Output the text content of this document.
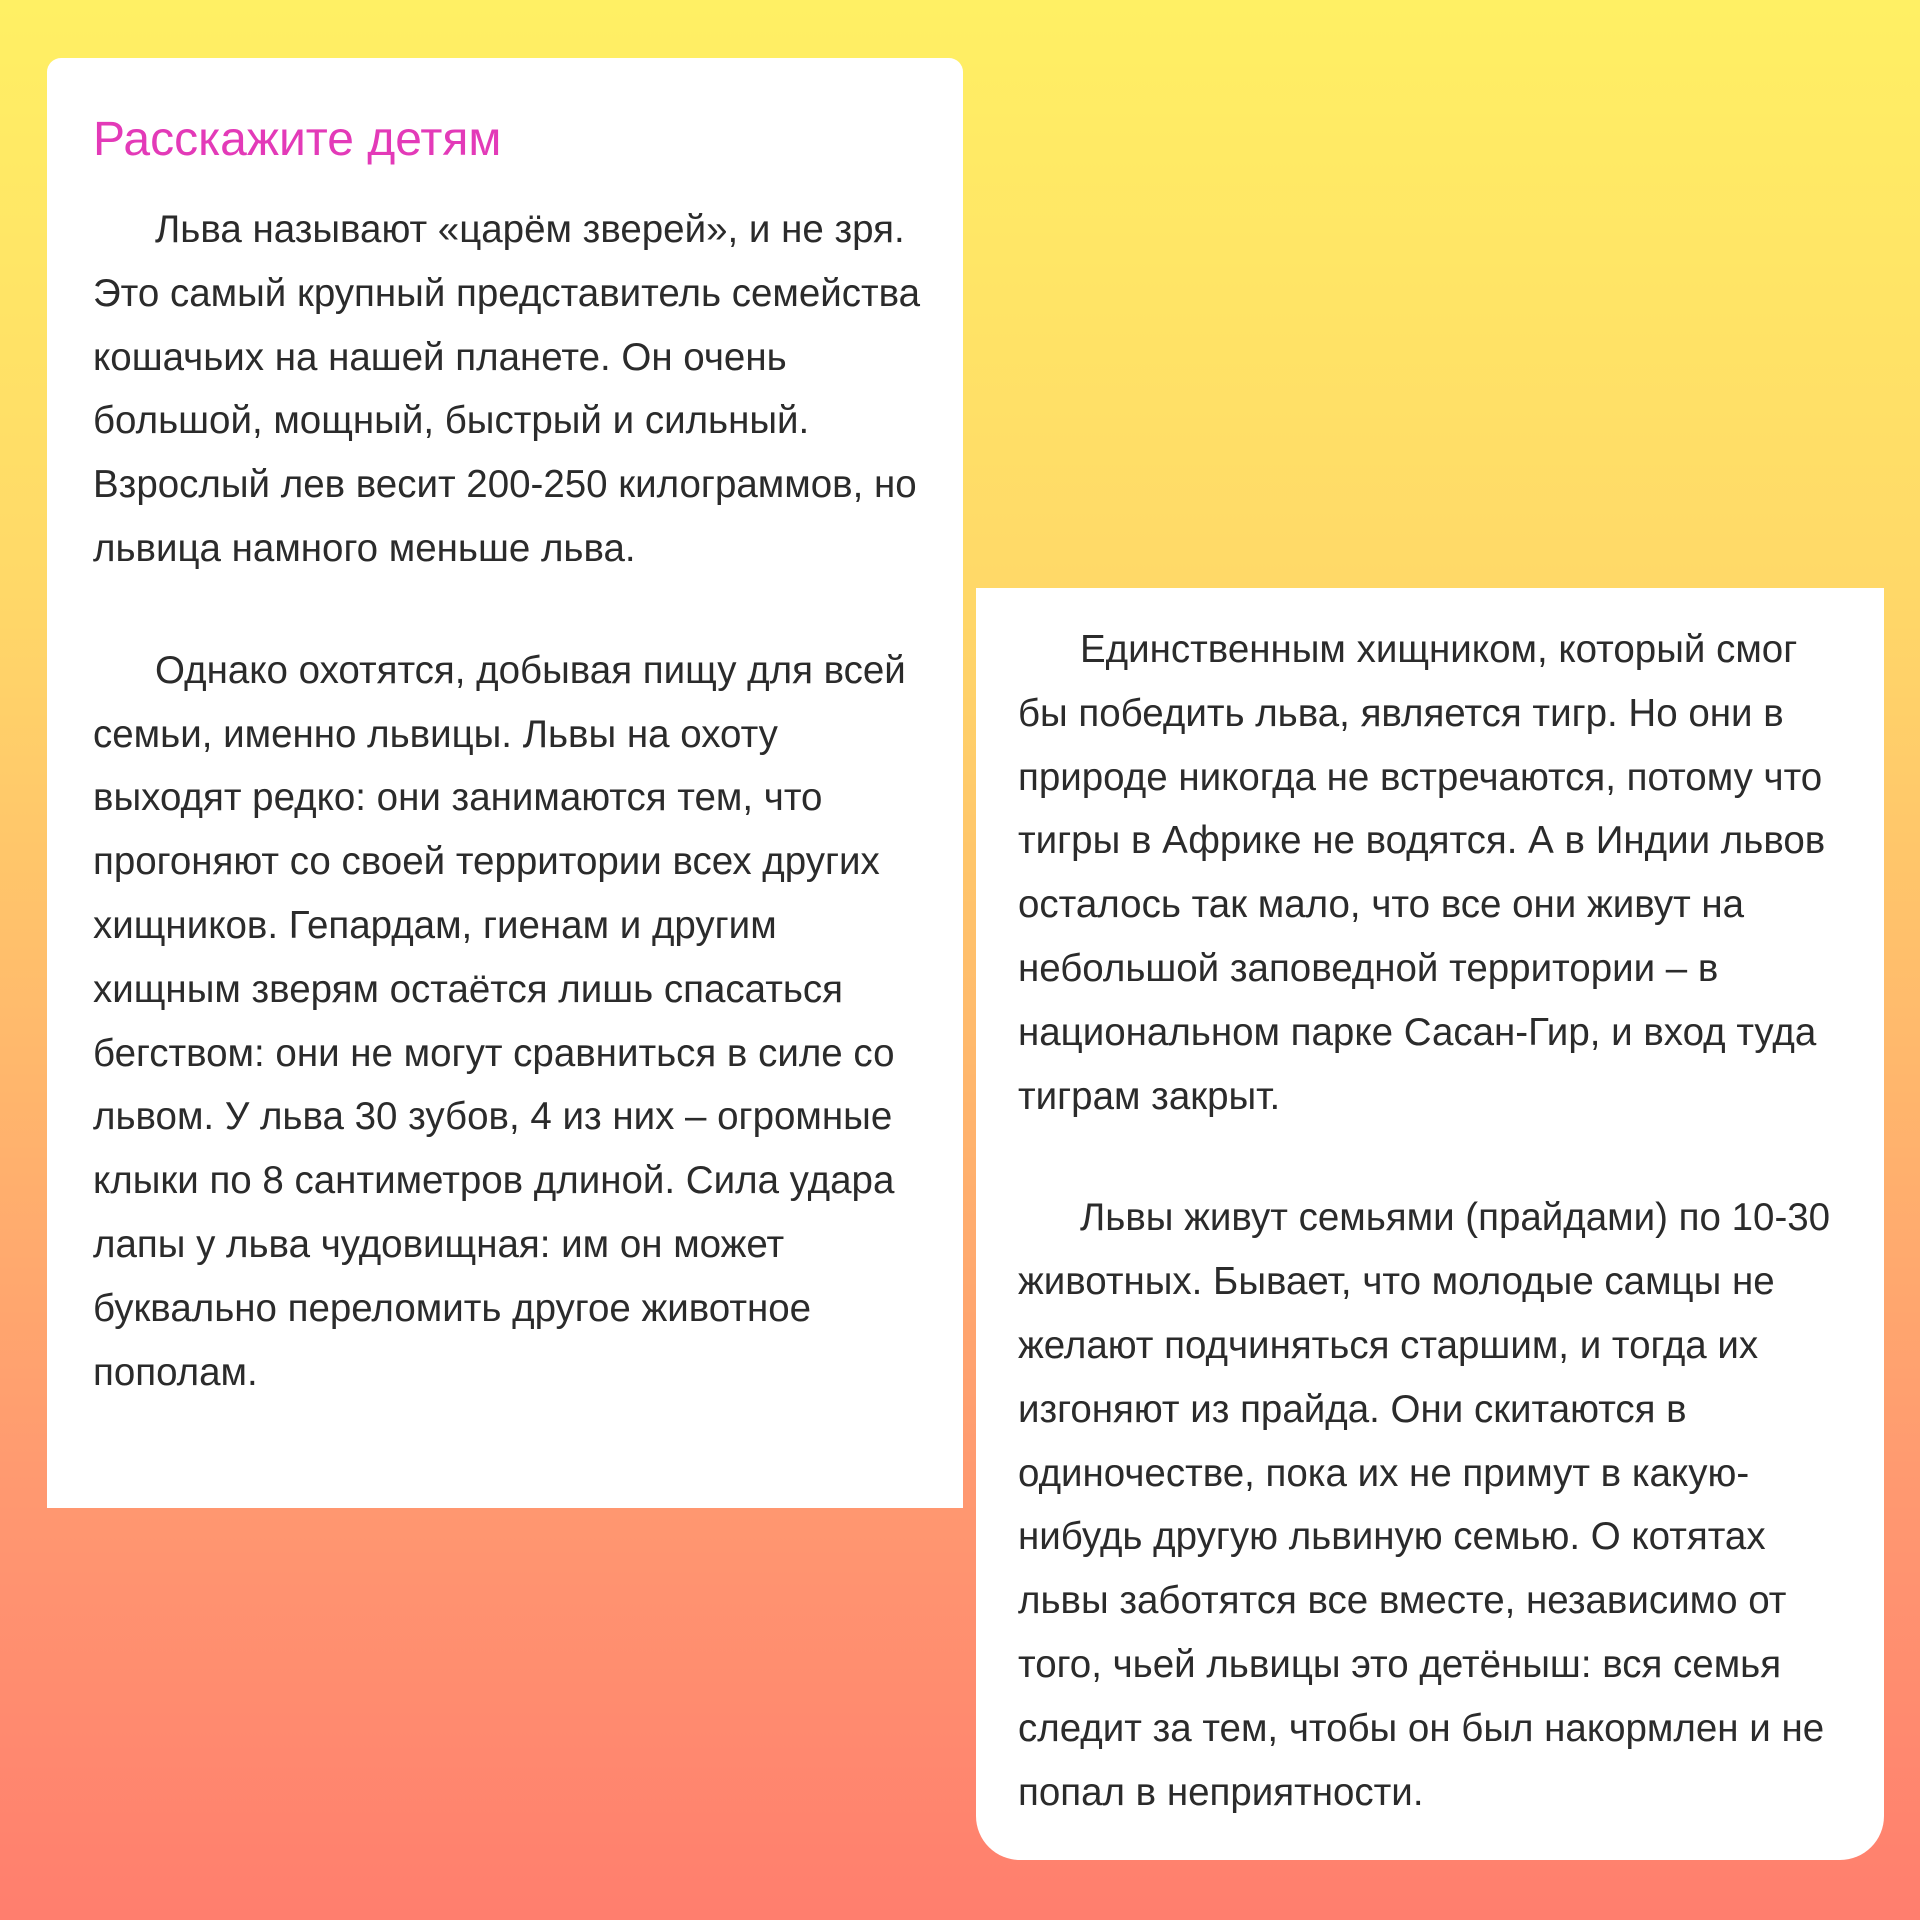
Расскажите детям

Льва называют «царём зверей», и не зря. Это самый крупный представитель семейства кошачьих на нашей планете. Он очень большой, мощный, быстрый и сильный. Взрослый лев весит 200-250 килограммов, но львица намного меньше льва.

Однако охотятся, добывая пищу для всей семьи, именно львицы. Львы на охоту выходят редко: они занимаются тем, что прогоняют со своей территории всех других хищников. Гепардам, гиенам и другим хищным зверям остаётся лишь спасаться бегством: они не могут сравниться в силе со львом. У льва 30 зубов, 4 из них – огромные клыки по 8 сантиметров длиной. Сила удара лапы у льва чудовищная: им он может буквально переломить другое животное пополам.

Единственным хищником, который смог бы победить льва, является тигр. Но они в природе никогда не встречаются, потому что тигры в Африке не водятся. А в Индии львов осталось так мало, что все они живут на небольшой заповедной территории – в национальном парке Сасан-Гир, и вход туда тиграм закрыт.

Львы живут семьями (прайдами) по 10-30 животных. Бывает, что молодые самцы не желают подчиняться старшим, и тогда их изгоняют из прайда. Они скитаются в одиночестве, пока их не примут в какую-нибудь другую львиную семью. О котятах львы заботятся все вместе, независимо от того, чьей львицы это детёныш: вся семья следит за тем, чтобы он был накормлен и не попал в неприятности.
